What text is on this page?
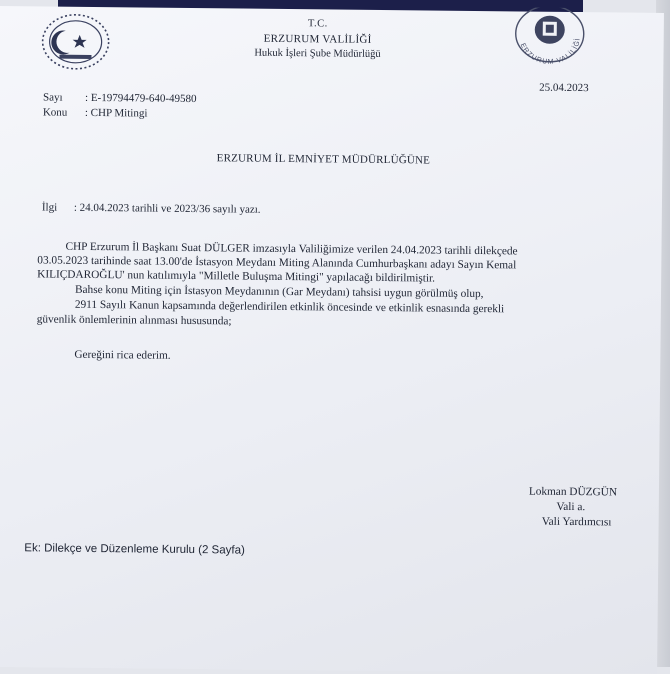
ERZURUM VALİLİĞİ
T.C.
ERZURUM VALİLİĞİ
Hukuk İşleri Şube Müdürlüğü
25.04.2023
Sayı : E-19794479-640-49580
Konu : CHP Mitingi
ERZURUM İL EMNİYET MÜDÜRLÜĞÜNE
İlgi : 24.04.2023 tarihli ve 2023/36 sayılı yazı.
CHP Erzurum İl Başkanı Suat DÜLGER imzasıyla Valiliğimize verilen 24.04.2023 tarihli dilekçede
03.05.2023 tarihinde saat 13.00'de İstasyon Meydanı Miting Alanında Cumhurbaşkanı adayı Sayın Kemal
KILIÇDAROĞLU' nun katılımıyla "Milletle Buluşma Mitingi" yapılacağı bildirilmiştir.
Bahse konu Miting için İstasyon Meydanının (Gar Meydanı) tahsisi uygun görülmüş olup,
2911 Sayılı Kanun kapsamında değerlendirilen etkinlik öncesinde ve etkinlik esnasında gerekli
güvenlik önlemlerinin alınması hususunda;
Gereğini rica ederim.
Lokman DÜZGÜN
Vali a.
Vali Yardımcısı
Ek: Dilekçe ve Düzenleme Kurulu (2 Sayfa)
